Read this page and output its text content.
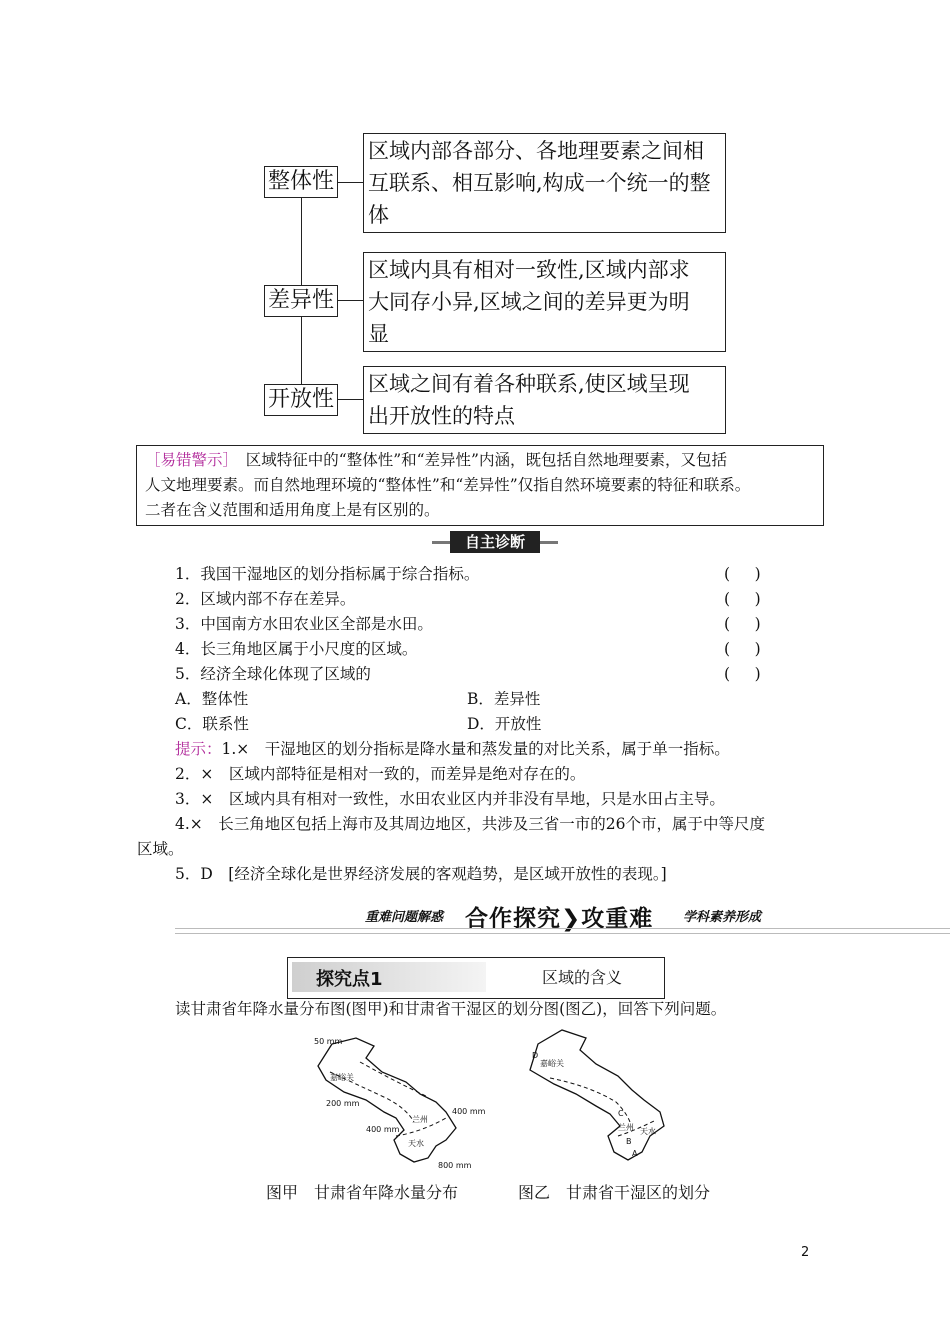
整体性
区域内部各部分、各地理要素之间相
互联系、相互影响,构成一个统一的整
体
差异性
区域内具有相对一致性,区域内部求
大同存小异,区域之间的差异更为明
显
开放性
区域之间有着各种联系,使区域呈现
出开放性的特点
［易错警示］　 区域特征中的“整体性”和“差异性”内涵，既包括自然地理要素，又包括
人文地理要素。而自然地理环境的“整体性”和“差异性”仅指自然环境要素的特征和联系。
二者在含义范围和适用角度上是有区别的。
自主诊断
1．我国干湿地区的划分指标属于综合指标。	(     )
2．区域内部不存在差异。	(     )
3．中国南方水田农业区全部是水田。	(     )
4．长三角地区属于小尺度的区域。	(     )
5．经济全球化体现了区域的	(     )
A．整体性	B．差异性
C．联系性	D．开放性
提示：1.×　干湿地区的划分指标是降水量和蒸发量的对比关系，属于单一指标。
2．×　区域内部特征是相对一致的，而差异是绝对存在的。
3．×　区域内具有相对一致性，水田农业区内并非没有旱地，只是水田占主导。
4.×　长三角地区包括上海市及其周边地区，共涉及三省一市的26个市，属于中等尺度
区域。
5．D　[经济全球化是世界经济发展的客观趋势，是区域开放性的表现。]
重难问题解惑 合作探究❯攻重难 学科素养形成
探究点1	区域的含义
读甘肃省年降水量分布图(图甲)和甘肃省干湿区的划分图(图乙)，回答下列问题。
50 mm
嘉峪关
200 mm
兰州
400 mm
400 mm
天水
800 mm
图甲　甘肃省年降水量分布
D
嘉峪关
C
兰州 天水
B
A
图乙　甘肃省干湿区的划分
2
